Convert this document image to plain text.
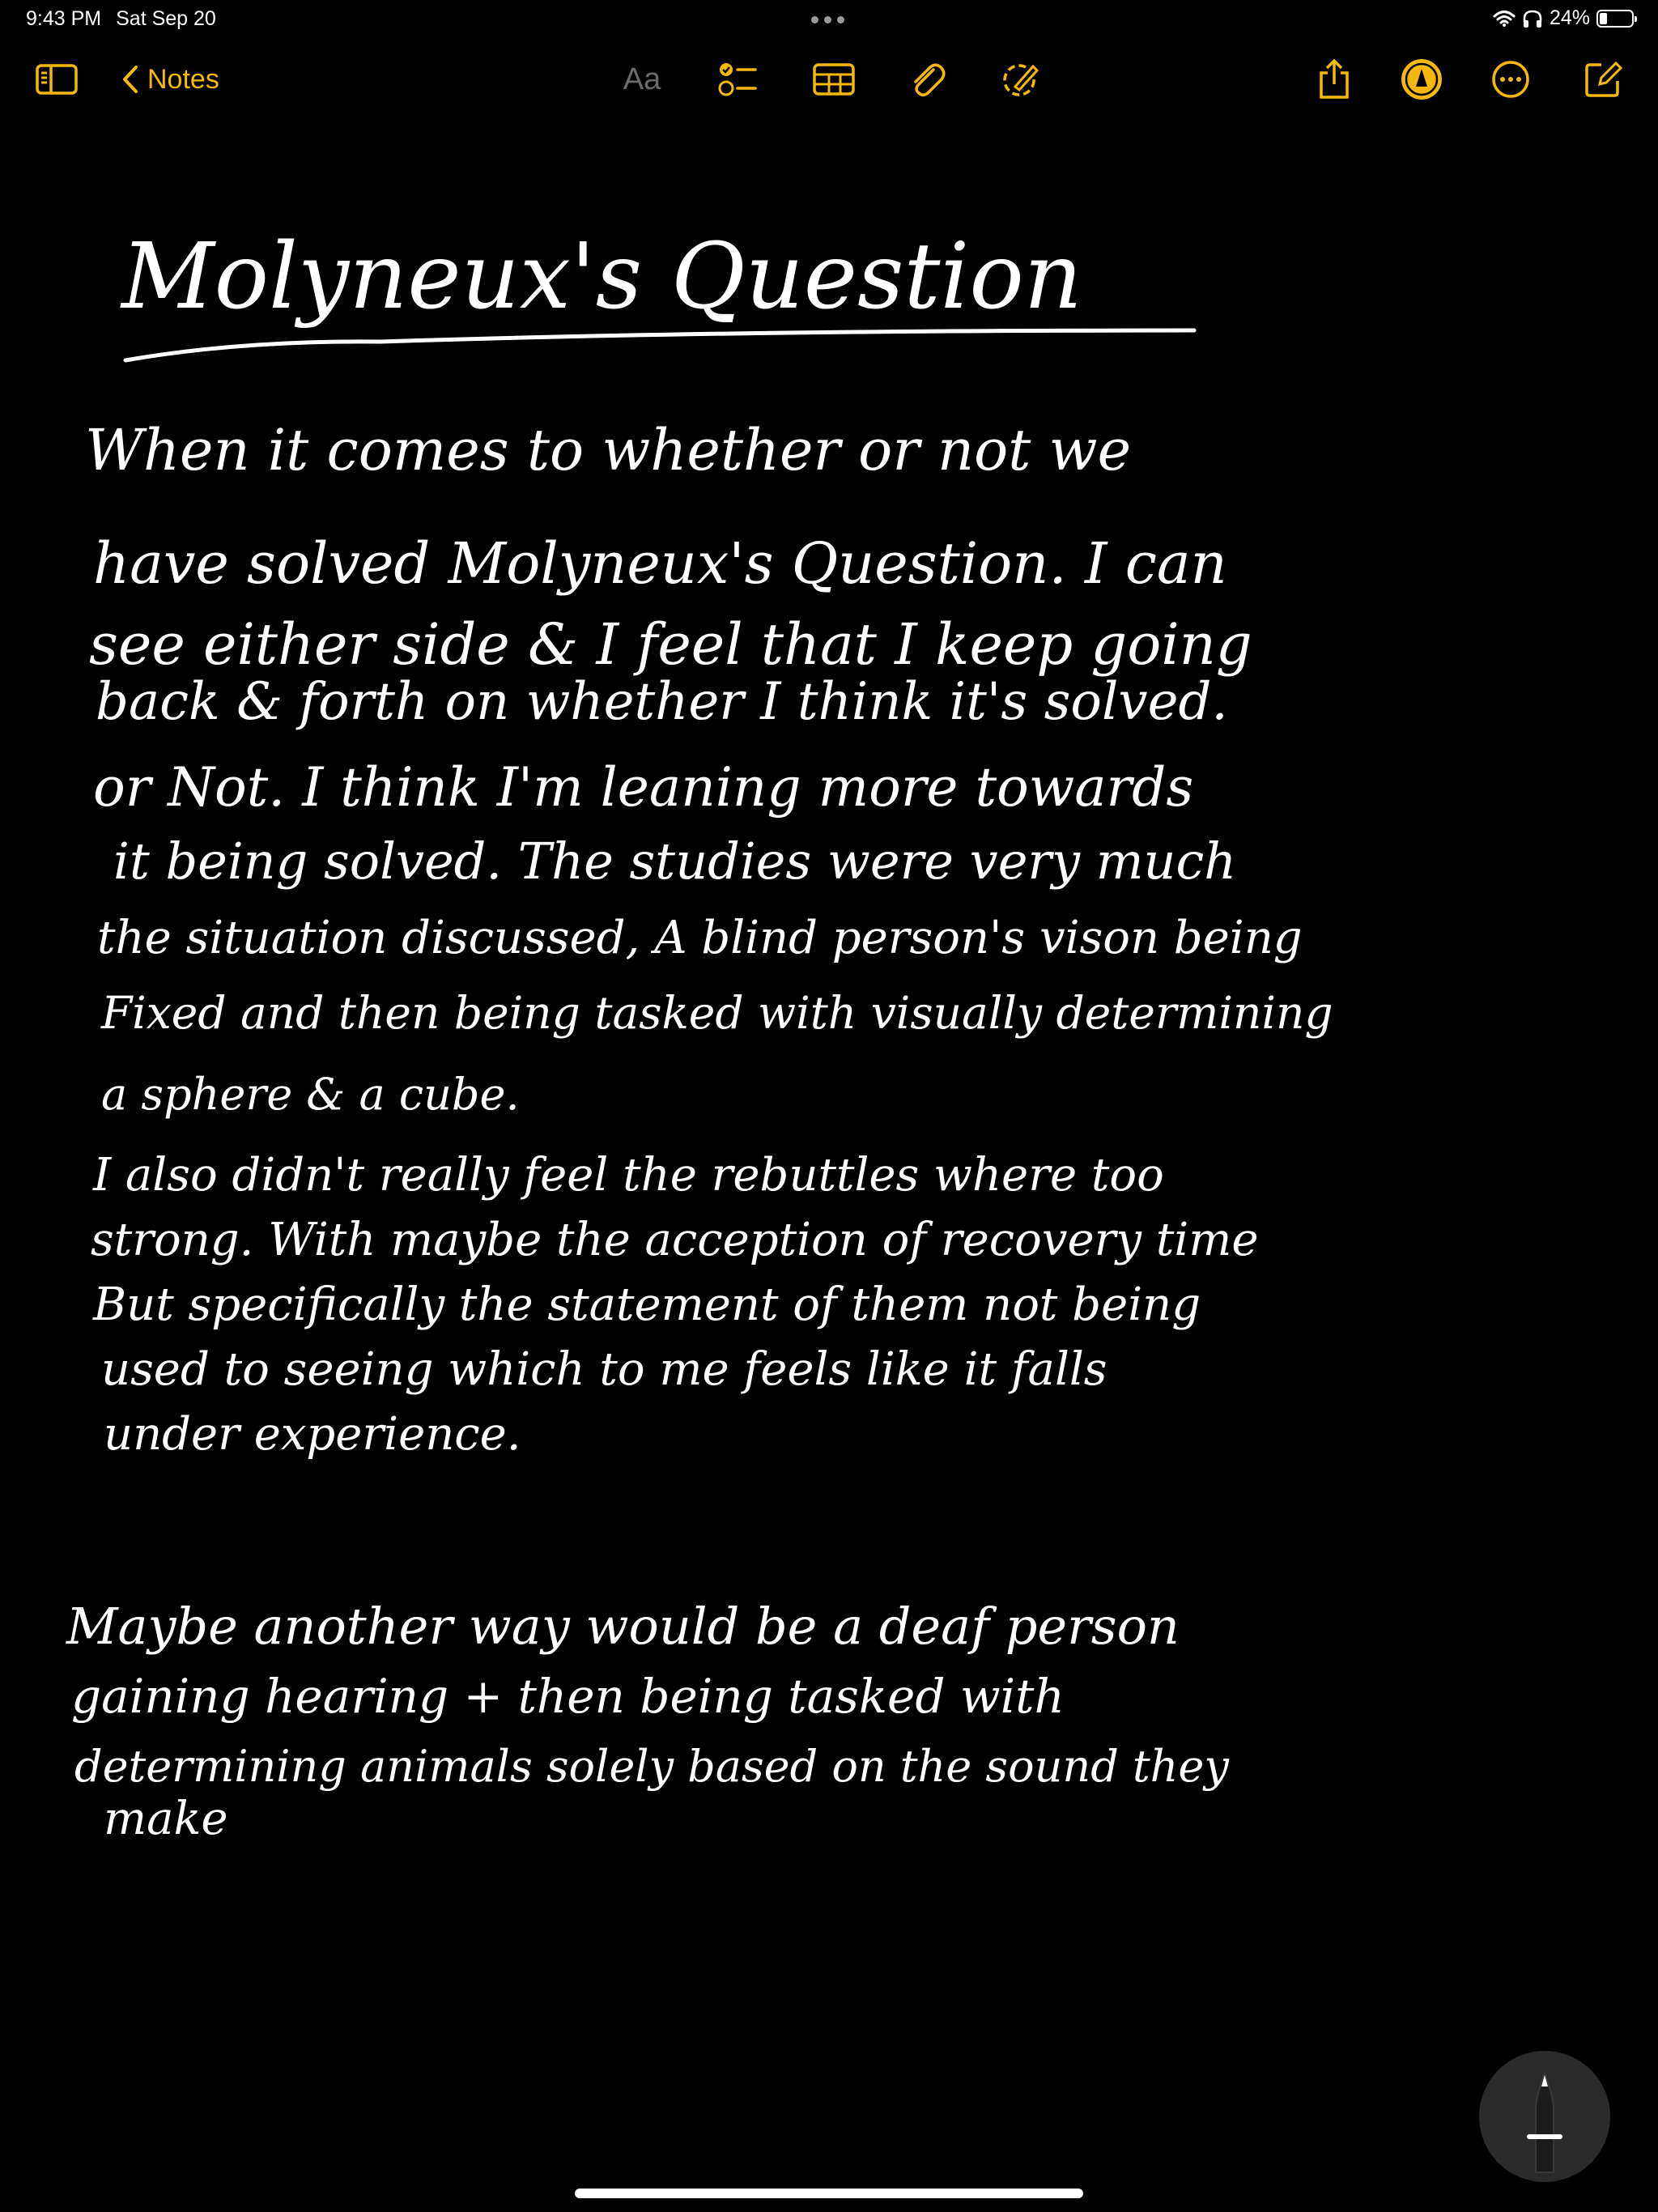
9:43 PM Sat Sep 20	24%
Notes	Aa
Molyneux's Question
When it comes to whether or not we
have solved Molyneux's Question. I can
see either side & I feel that I keep going
back & forth on whether I think it's solved.
or Not. I think I'm leaning more towards
it being solved. The studies were very much
the situation discussed, A blind person's vison being
Fixed and then being tasked with visually determining
a sphere & a cube.
I also didn't really feel the rebuttles where too
strong. With maybe the acception of recovery time
But specifically the statement of them not being
used to seeing which to me feels like it falls
under experience.
Maybe another way would be a deaf person
gaining hearing + then being tasked with
determining animals solely based on the sound they
make
